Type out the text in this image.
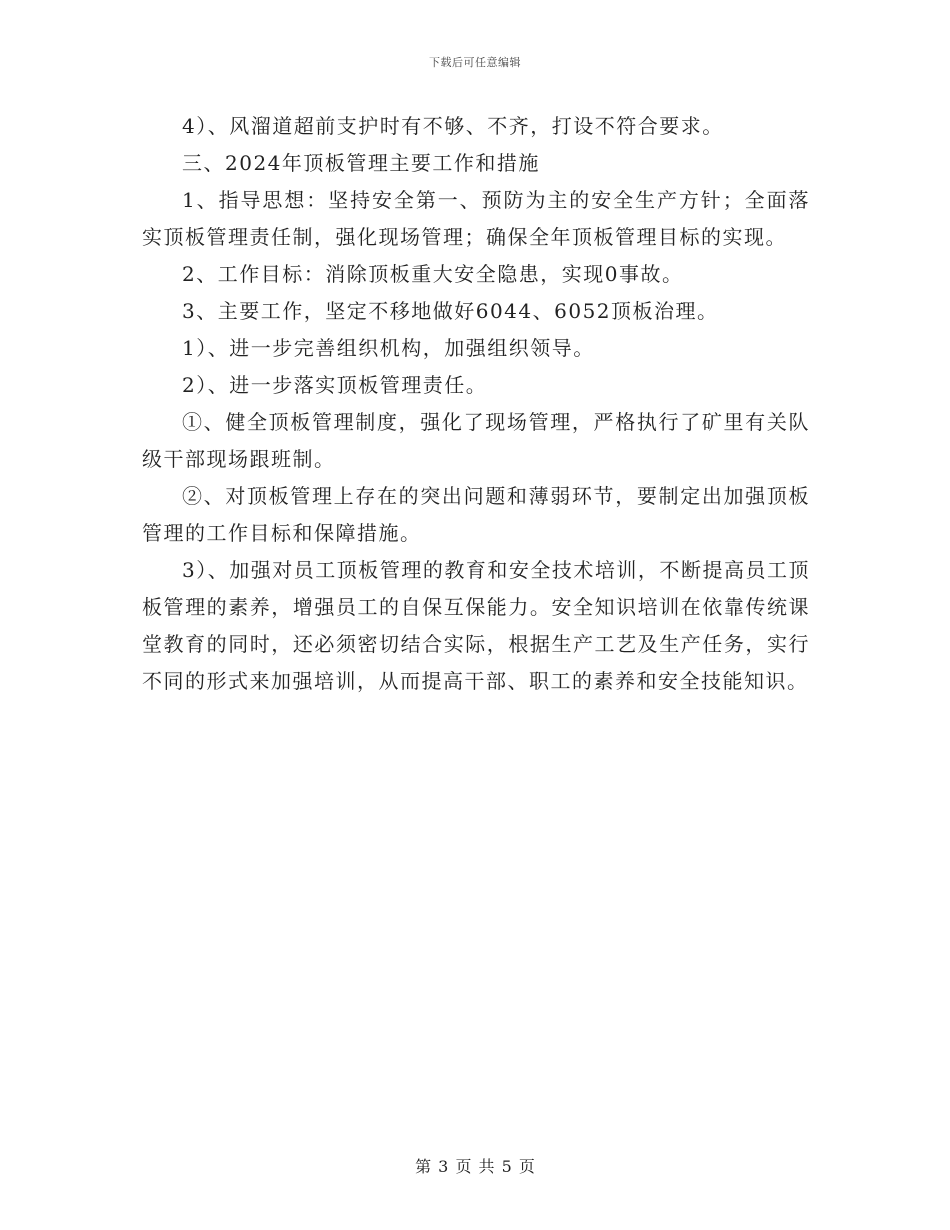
下载后可任意编辑

4）、风溜道超前支护时有不够、不齐，打设不符合要求。

三、2024年顶板管理主要工作和措施

1、指导思想：坚持安全第一、预防为主的安全生产方针；全面落实顶板管理责任制，强化现场管理；确保全年顶板管理目标的实现。

2、工作目标：消除顶板重大安全隐患，实现0事故。

3、主要工作，坚定不移地做好6044、6052顶板治理。

1）、进一步完善组织机构，加强组织领导。

2）、进一步落实顶板管理责任。

①、健全顶板管理制度，强化了现场管理，严格执行了矿里有关队级干部现场跟班制。

②、对顶板管理上存在的突出问题和薄弱环节，要制定出加强顶板管理的工作目标和保障措施。

3）、加强对员工顶板管理的教育和安全技术培训，不断提高员工顶板管理的素养，增强员工的自保互保能力。安全知识培训在依靠传统课堂教育的同时，还必须密切结合实际，根据生产工艺及生产任务，实行不同的形式来加强培训，从而提高干部、职工的素养和安全技能知识。

第 3 页 共 5 页
